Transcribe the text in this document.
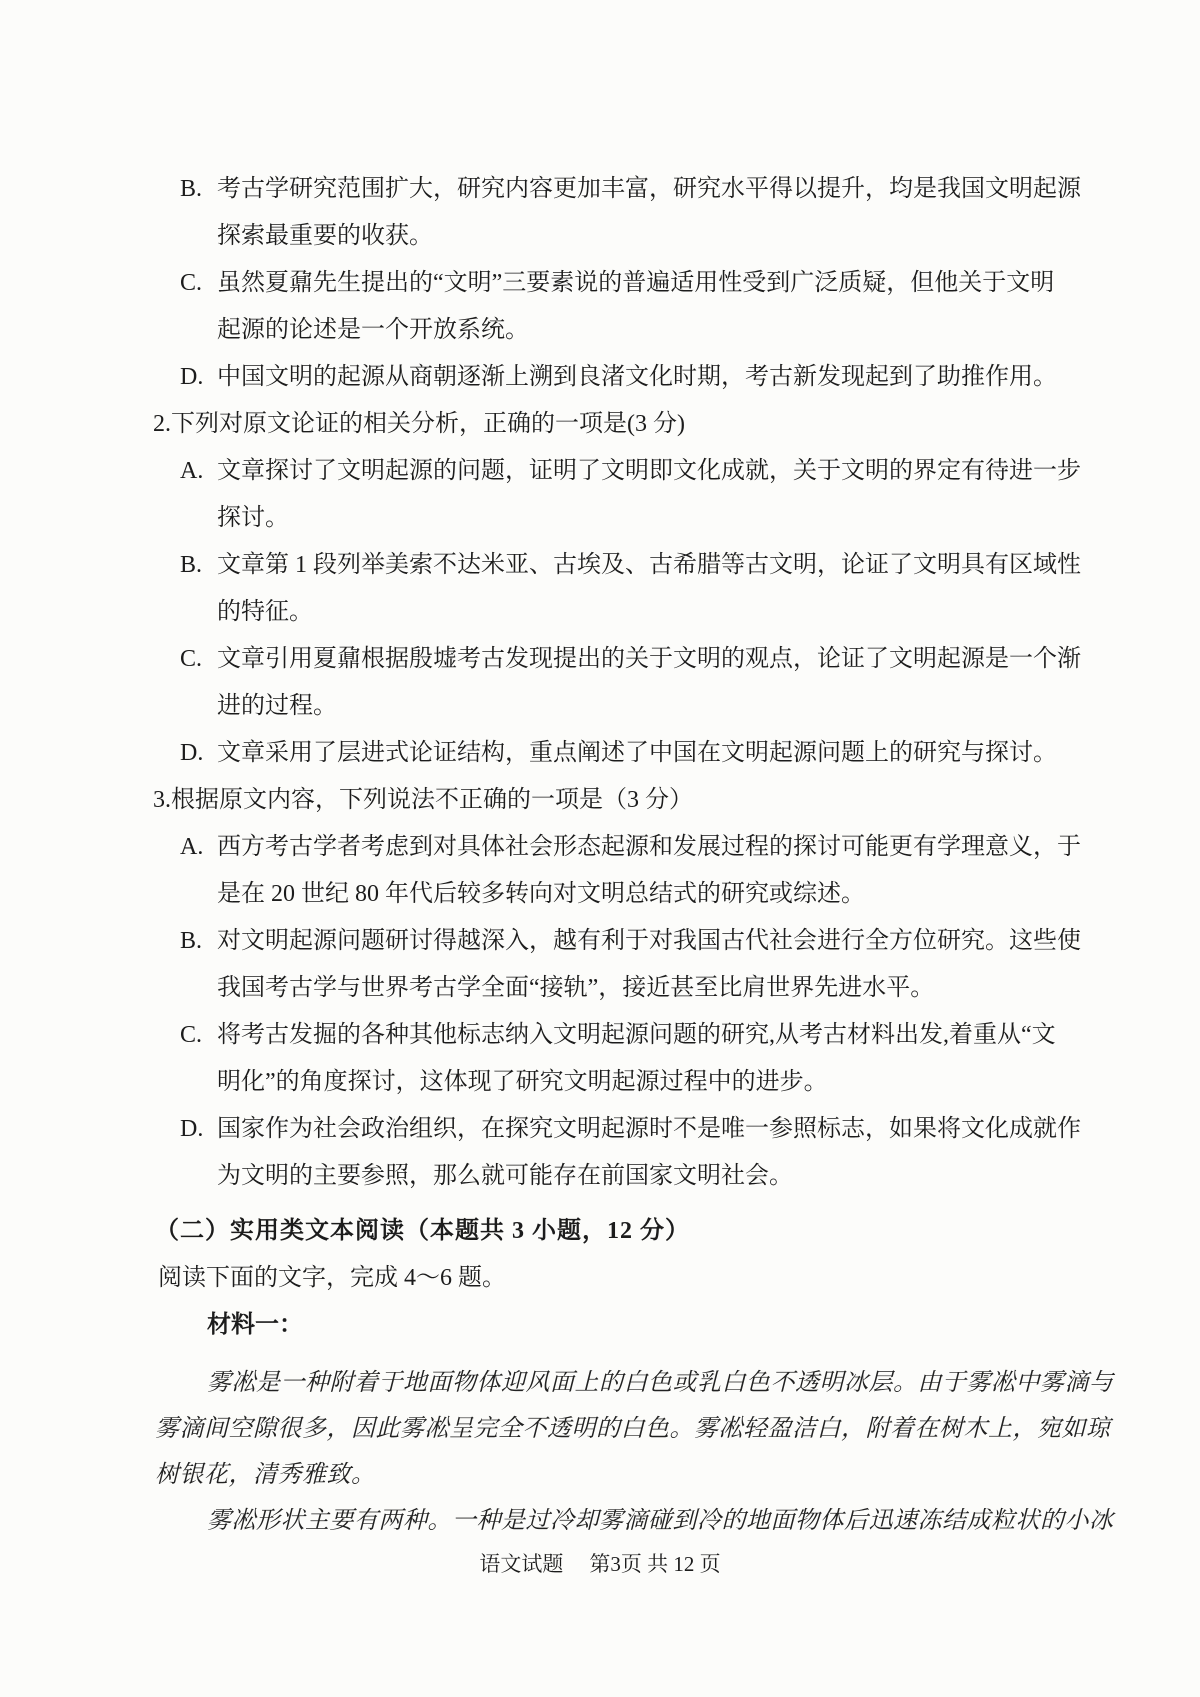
B. 考古学研究范围扩大，研究内容更加丰富，研究水平得以提升，均是我国文明起源
探索最重要的收获。
C. 虽然夏鼐先生提出的“文明”三要素说的普遍适用性受到广泛质疑，但他关于文明
起源的论述是一个开放系统。
D. 中国文明的起源从商朝逐渐上溯到良渚文化时期，考古新发现起到了助推作用。
2.下列对原文论证的相关分析，正确的一项是(3 分)
A. 文章探讨了文明起源的问题，证明了文明即文化成就，关于文明的界定有待进一步
探讨。
B. 文章第 1 段列举美索不达米亚、古埃及、古希腊等古文明，论证了文明具有区域性
的特征。
C. 文章引用夏鼐根据殷墟考古发现提出的关于文明的观点，论证了文明起源是一个渐
进的过程。
D. 文章采用了层进式论证结构，重点阐述了中国在文明起源问题上的研究与探讨。
3.根据原文内容，下列说法不正确的一项是（3 分）
A. 西方考古学者考虑到对具体社会形态起源和发展过程的探讨可能更有学理意义，于
是在 20 世纪 80 年代后较多转向对文明总结式的研究或综述。
B. 对文明起源问题研讨得越深入，越有利于对我国古代社会进行全方位研究。这些使
我国考古学与世界考古学全面“接轨”，接近甚至比肩世界先进水平。
C. 将考古发掘的各种其他标志纳入文明起源问题的研究,从考古材料出发,着重从“文
明化”的角度探讨，这体现了研究文明起源过程中的进步。
D. 国家作为社会政治组织，在探究文明起源时不是唯一参照标志，如果将文化成就作
为文明的主要参照，那么就可能存在前国家文明社会。
（二）实用类文本阅读（本题共 3 小题，12 分）
阅读下面的文字，完成 4～6 题。
材料一：
雾凇是一种附着于地面物体迎风面上的白色或乳白色不透明冰层。由于雾凇中雾滴与
雾滴间空隙很多，因此雾凇呈完全不透明的白色。雾凇轻盈洁白，附着在树木上，宛如琼
树银花，清秀雅致。
雾凇形状主要有两种。一种是过冷却雾滴碰到冷的地面物体后迅速冻结成粒状的小冰
语文试题 第3页 共 12 页
